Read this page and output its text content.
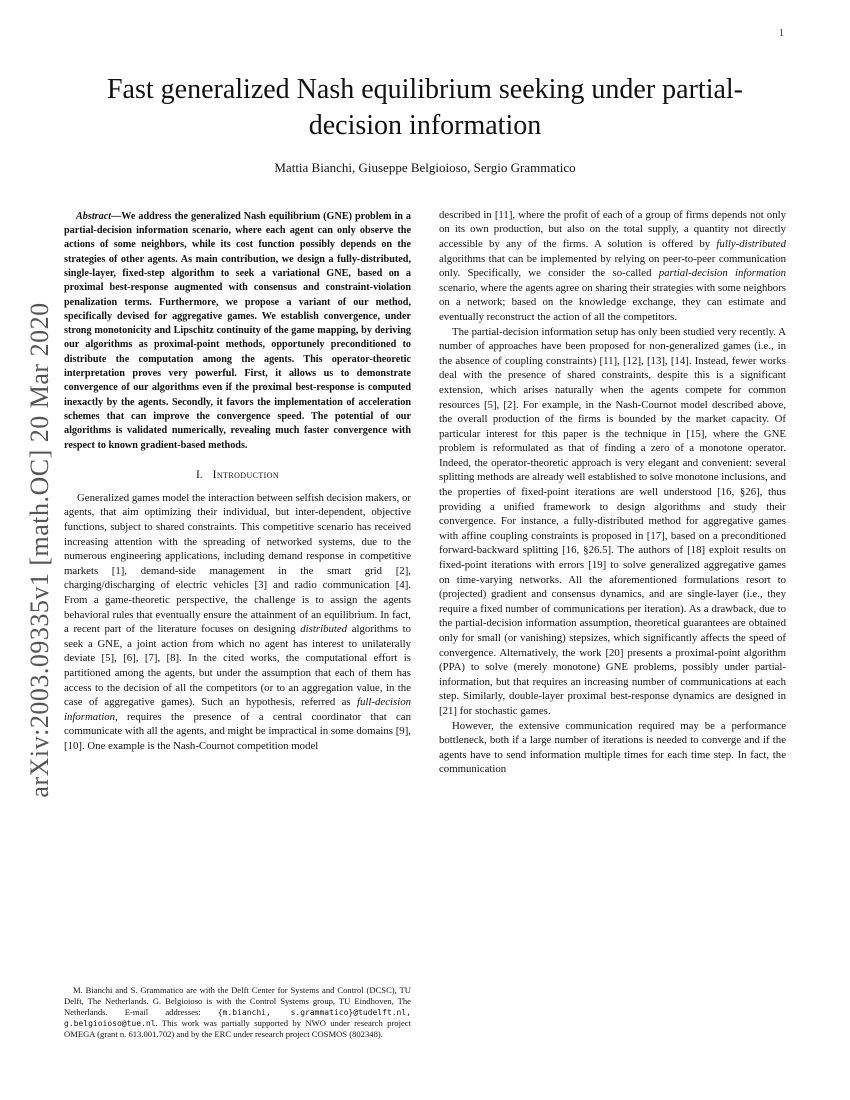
1
arXiv:2003.09335v1 [math.OC] 20 Mar 2020
Fast generalized Nash equilibrium seeking under partial-decision information
Mattia Bianchi, Giuseppe Belgioioso, Sergio Grammatico

Abstract—We address the generalized Nash equilibrium (GNE) problem in a partial-decision information scenario, where each agent can only observe the actions of some neighbors, while its cost function possibly depends on the strategies of other agents. As main contribution, we design a fully-distributed, single-layer, fixed-step algorithm to seek a variational GNE, based on a proximal best-response augmented with consensus and constraint-violation penalization terms. Furthermore, we propose a variant of our method, specifically devised for aggregative games. We establish convergence, under strong monotonicity and Lipschitz continuity of the game mapping, by deriving our algorithms as proximal-point methods, opportunely preconditioned to distribute the computation among the agents. This operator-theoretic interpretation proves very powerful. First, it allows us to demonstrate convergence of our algorithms even if the proximal best-response is computed inexactly by the agents. Secondly, it favors the implementation of acceleration schemes that can improve the convergence speed. The potential of our algorithms is validated numerically, revealing much faster convergence with respect to known gradient-based methods.

I. Introduction

Generalized games model the interaction between selfish decision makers, or agents, that aim optimizing their individual, but inter-dependent, objective functions, subject to shared constraints. This competitive scenario has received increasing attention with the spreading of networked systems, due to the numerous engineering applications, including demand response in competitive markets [1], demand-side management in the smart grid [2], charging/discharging of electric vehicles [3] and radio communication [4]. From a game-theoretic perspective, the challenge is to assign the agents behavioral rules that eventually ensure the attainment of an equilibrium. In fact, a recent part of the literature focuses on designing distributed algorithms to seek a GNE, a joint action from which no agent has interest to unilaterally deviate [5], [6], [7], [8]. In the cited works, the computational effort is partitioned among the agents, but under the assumption that each of them has access to the decision of all the competitors (or to an aggregation value, in the case of aggregative games). Such an hypothesis, referred as full-decision information, requires the presence of a central coordinator that can communicate with all the agents, and might be impractical in some domains [9], [10]. One example is the Nash-Cournot competition model

M. Bianchi and S. Grammatico are with the Delft Center for Systems and Control (DCSC), TU Delft, The Netherlands. G. Belgioioso is with the Control Systems group, TU Eindhoven, The Netherlands. E-mail addresses: {m.bianchi, s.grammatico}@tudelft.nl, g.belgioioso@tue.nl. This work was partially supported by NWO under research project OMEGA (grant n. 613.001.702) and by the ERC under research project COSMOS (802348).

described in [11], where the profit of each of a group of firms depends not only on its own production, but also on the total supply, a quantity not directly accessible by any of the firms. A solution is offered by fully-distributed algorithms that can be implemented by relying on peer-to-peer communication only. Specifically, we consider the so-called partial-decision information scenario, where the agents agree on sharing their strategies with some neighbors on a network; based on the knowledge exchange, they can estimate and eventually reconstruct the action of all the competitors.

The partial-decision information setup has only been studied very recently. A number of approaches have been proposed for non-generalized games (i.e., in the absence of coupling constraints) [11], [12], [13], [14]. Instead, fewer works deal with the presence of shared constraints, despite this is a significant extension, which arises naturally when the agents compete for common resources [5], [2]. For example, in the Nash-Cournot model described above, the overall production of the firms is bounded by the market capacity. Of particular interest for this paper is the technique in [15], where the GNE problem is reformulated as that of finding a zero of a monotone operator. Indeed, the operator-theoretic approach is very elegant and convenient: several splitting methods are already well established to solve monotone inclusions, and the properties of fixed-point iterations are well understood [16, §26], thus providing a unified framework to design algorithms and study their convergence. For instance, a fully-distributed method for aggregative games with affine coupling constraints is proposed in [17], based on a preconditioned forward-backward splitting [16, §26.5]. The authors of [18] exploit results on fixed-point iterations with errors [19] to solve generalized aggregative games on time-varying networks. All the aforementioned formulations resort to (projected) gradient and consensus dynamics, and are single-layer (i.e., they require a fixed number of communications per iteration). As a drawback, due to the partial-decision information assumption, theoretical guarantees are obtained only for small (or vanishing) stepsizes, which significantly affects the speed of convergence. Alternatively, the work [20] presents a proximal-point algorithm (PPA) to solve (merely monotone) GNE problems, possibly under partial-information, but that requires an increasing number of communications at each step. Similarly, double-layer proximal best-response dynamics are designed in [21] for stochastic games.

However, the extensive communication required may be a performance bottleneck, both if a large number of iterations is needed to converge and if the agents have to send information multiple times for each time step. In fact, the communication
